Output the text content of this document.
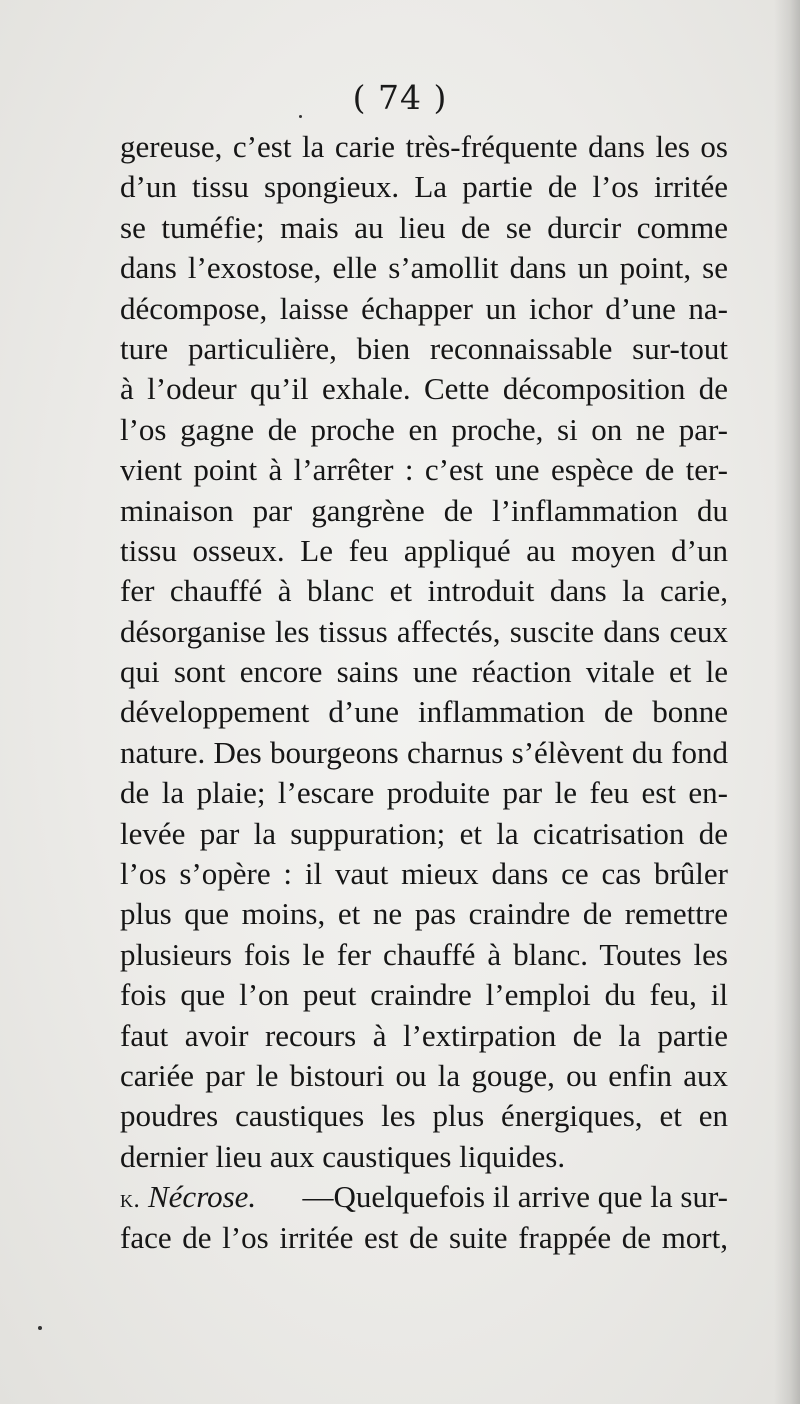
( 74 )
gereuse, c’est la carie très-fréquente dans les os
d’un tissu spongieux. La partie de l’os irritée
se tuméfie; mais au lieu de se durcir comme
dans l’exostose, elle s’amollit dans un point, se
décompose, laisse échapper un ichor d’une na-
ture particulière, bien reconnaissable sur-tout
à l’odeur qu’il exhale. Cette décomposition de
l’os gagne de proche en proche, si on ne par-
vient point à l’arrêter : c’est une espèce de ter-
minaison par gangrène de l’inflammation du
tissu osseux. Le feu appliqué au moyen d’un
fer chauffé à blanc et introduit dans la carie,
désorganise les tissus affectés, suscite dans ceux
qui sont encore sains une réaction vitale et le
développement d’une inflammation de bonne
nature. Des bourgeons charnus s’élèvent du fond
de la plaie; l’escare produite par le feu est en-
levée par la suppuration; et la cicatrisation de
l’os s’opère : il vaut mieux dans ce cas brûler
plus que moins, et ne pas craindre de remettre
plusieurs fois le fer chauffé à blanc. Toutes les
fois que l’on peut craindre l’emploi du feu, il
faut avoir recours à l’extirpation de la partie
cariée par le bistouri ou la gouge, ou enfin aux
poudres caustiques les plus énergiques, et en
dernier lieu aux caustiques liquides.
k. Nécrose. —Quelquefois il arrive que la sur-
face de l’os irritée est de suite frappée de mort,
